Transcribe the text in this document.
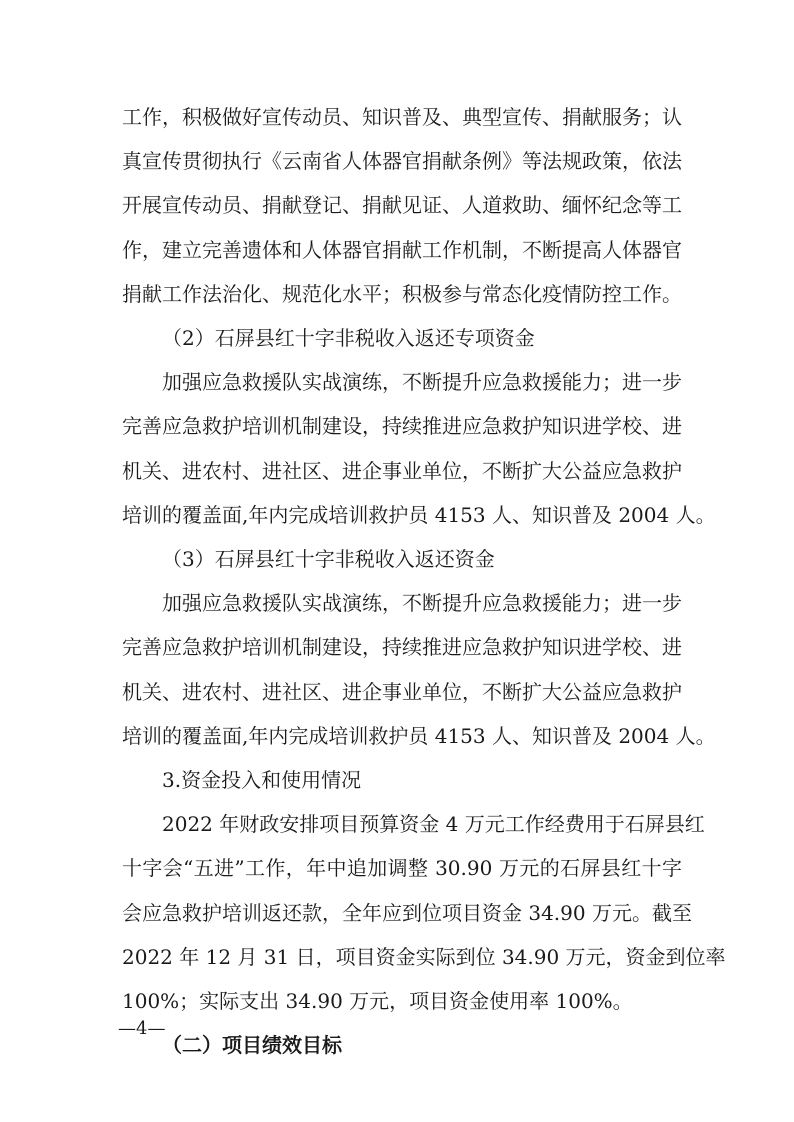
工作，积极做好宣传动员、知识普及、典型宣传、捐献服务；认
真宣传贯彻执行《云南省人体器官捐献条例》等法规政策，依法
开展宣传动员、捐献登记、捐献见证、人道救助、缅怀纪念等工
作，建立完善遗体和人体器官捐献工作机制，不断提高人体器官
捐献工作法治化、规范化水平；积极参与常态化疫情防控工作。
（2）石屏县红十字非税收入返还专项资金
加强应急救援队实战演练，不断提升应急救援能力；进一步
完善应急救护培训机制建设，持续推进应急救护知识进学校、进
机关、进农村、进社区、进企事业单位，不断扩大公益应急救护
培训的覆盖面,年内完成培训救护员 4153 人、知识普及 2004 人。
（3）石屏县红十字非税收入返还资金
加强应急救援队实战演练，不断提升应急救援能力；进一步
完善应急救护培训机制建设，持续推进应急救护知识进学校、进
机关、进农村、进社区、进企事业单位，不断扩大公益应急救护
培训的覆盖面,年内完成培训救护员 4153 人、知识普及 2004 人。
3.资金投入和使用情况
2022 年财政安排项目预算资金 4 万元工作经费用于石屏县红
十字会“五进”工作，年中追加调整 30.90 万元的石屏县红十字
会应急救护培训返还款，全年应到位项目资金 34.90 万元。截至
2022 年 12 月 31 日，项目资金实际到位 34.90 万元，资金到位率
100%；实际支出 34.90 万元，项目资金使用率 100%。
（二）项目绩效目标
—4—
